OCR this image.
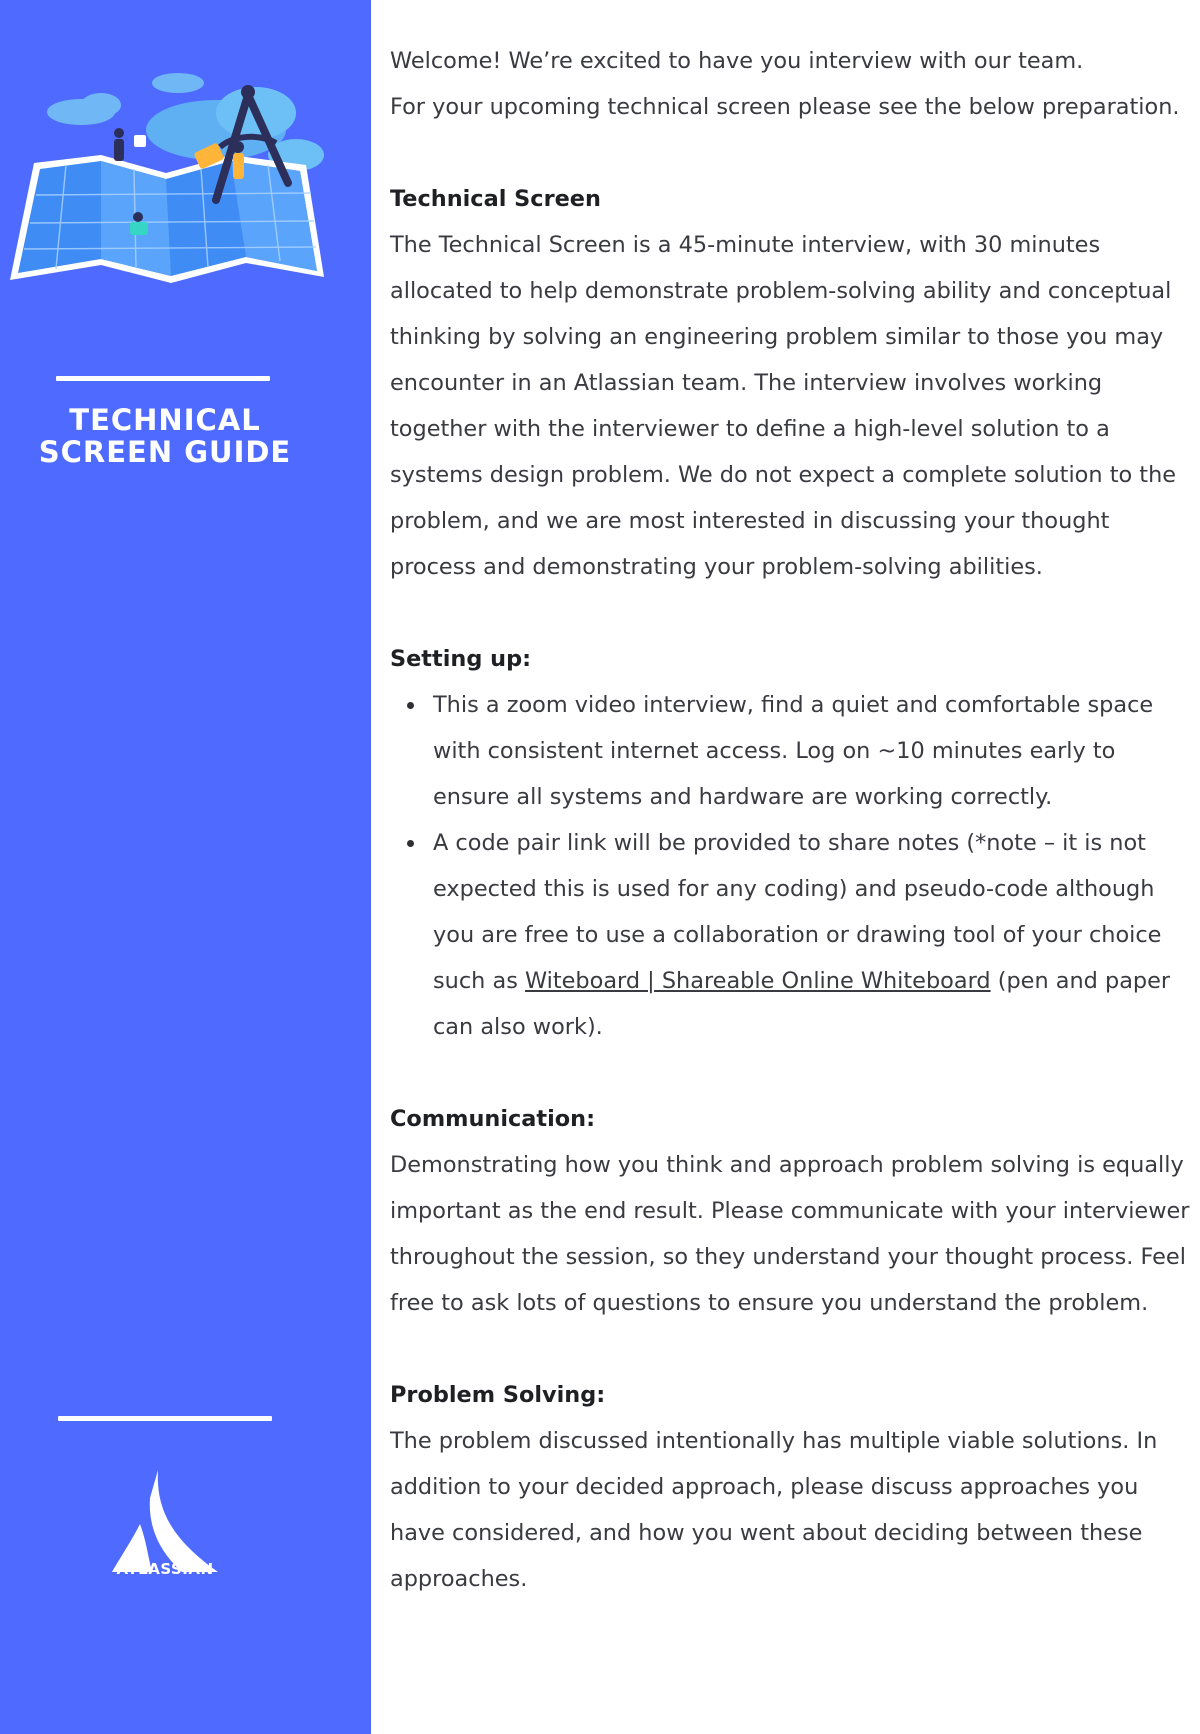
TECHNICAL
SCREEN GUIDE
ATLASSIAN

Welcome! We’re excited to have you interview with our team.

For your upcoming technical screen please see the below preparation.

Technical Screen

The Technical Screen is a 45-minute interview, with 30 minutes allocated to help demonstrate problem-solving ability and conceptual thinking by solving an engineering problem similar to those you may encounter in an Atlassian team. The interview involves working together with the interviewer to define a high-level solution to a systems design problem. We do not expect a complete solution to the problem, and we are most interested in discussing your thought process and demonstrating your problem-solving abilities.

Setting up:

This a zoom video interview, find a quiet and comfortable space with consistent internet access. Log on ~10 minutes early to ensure all systems and hardware are working correctly.
A code pair link will be provided to share notes (*note – it is not expected this is used for any coding) and pseudo-code although you are free to use a collaboration or drawing tool of your choice such as Witeboard | Shareable Online Whiteboard (pen and paper can also work).

Communication:

Demonstrating how you think and approach problem solving is equally important as the end result. Please communicate with your interviewer throughout the session, so they understand your thought process. Feel free to ask lots of questions to ensure you understand the problem.

Problem Solving:

The problem discussed intentionally has multiple viable solutions. In addition to your decided approach, please discuss approaches you have considered, and how you went about deciding between these approaches.
